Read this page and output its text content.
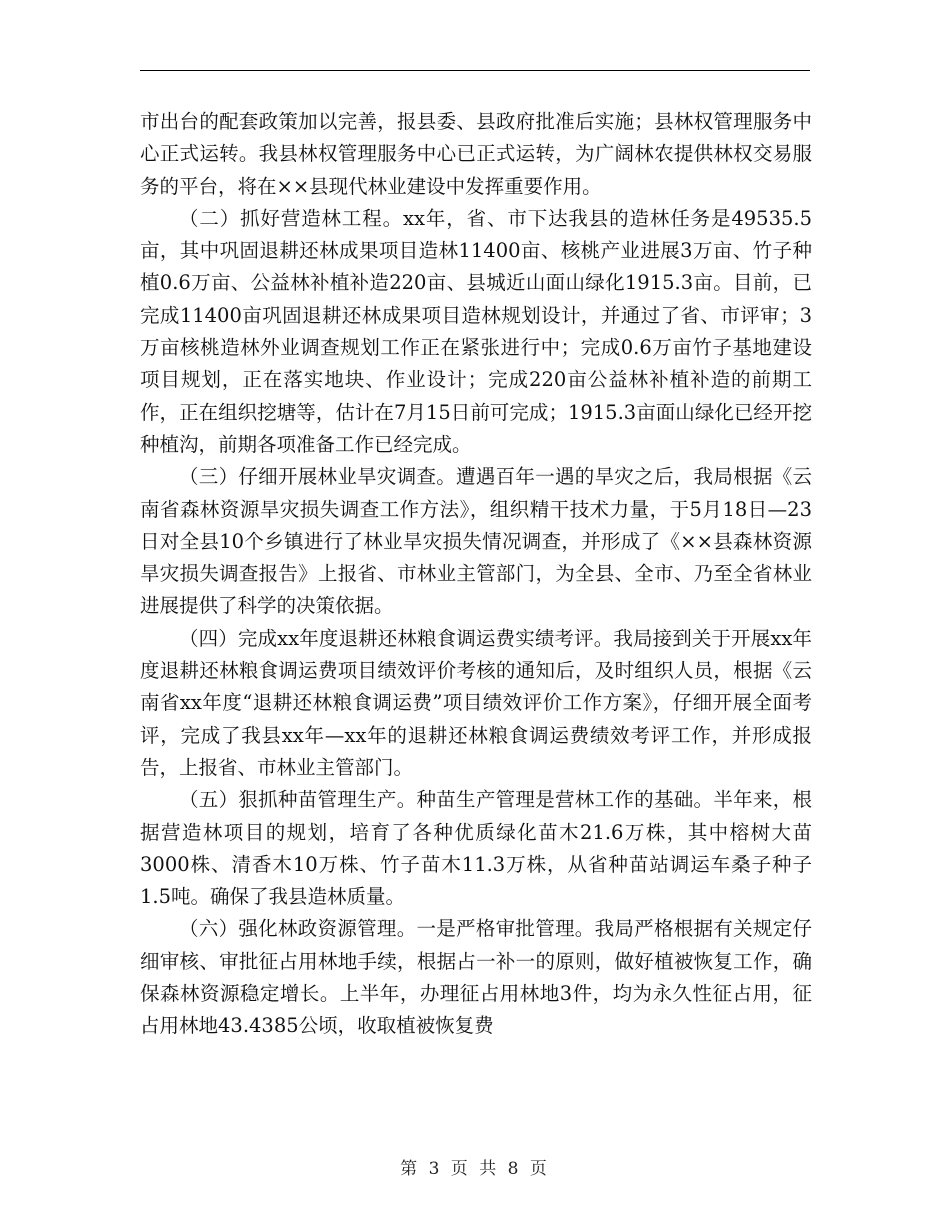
市出台的配套政策加以完善，报县委、县政府批准后实施；县林权管理服务中心正式运转。我县林权管理服务中心已正式运转，为广阔林农提供林权交易服务的平台，将在××县现代林业建设中发挥重要作用。

（二）抓好营造林工程。xx年，省、市下达我县的造林任务是49535.5亩，其中巩固退耕还林成果项目造林11400亩、核桃产业进展3万亩、竹子种植0.6万亩、公益林补植补造220亩、县城近山面山绿化1915.3亩。目前，已完成11400亩巩固退耕还林成果项目造林规划设计，并通过了省、市评审；3万亩核桃造林外业调查规划工作正在紧张进行中；完成0.6万亩竹子基地建设项目规划，正在落实地块、作业设计；完成220亩公益林补植补造的前期工作，正在组织挖塘等，估计在7月15日前可完成；1915.3亩面山绿化已经开挖种植沟，前期各项准备工作已经完成。

（三）仔细开展林业旱灾调查。遭遇百年一遇的旱灾之后，我局根据《云南省森林资源旱灾损失调查工作方法》，组织精干技术力量，于5月18日—23日对全县10个乡镇进行了林业旱灾损失情况调查，并形成了《××县森林资源旱灾损失调查报告》上报省、市林业主管部门，为全县、全市、乃至全省林业进展提供了科学的决策依据。

（四）完成xx年度退耕还林粮食调运费实绩考评。我局接到关于开展xx年度退耕还林粮食调运费项目绩效评价考核的通知后，及时组织人员，根据《云南省xx年度“退耕还林粮食调运费”项目绩效评价工作方案》，仔细开展全面考评，完成了我县xx年—xx年的退耕还林粮食调运费绩效考评工作，并形成报告，上报省、市林业主管部门。

（五）狠抓种苗管理生产。种苗生产管理是营林工作的基础。半年来，根据营造林项目的规划，培育了各种优质绿化苗木21.6万株，其中榕树大苗3000株、清香木10万株、竹子苗木11.3万株，从省种苗站调运车桑子种子1.5吨。确保了我县造林质量。

（六）强化林政资源管理。一是严格审批管理。我局严格根据有关规定仔细审核、审批征占用林地手续，根据占一补一的原则，做好植被恢复工作，确保森林资源稳定增长。上半年，办理征占用林地3件，均为永久性征占用，征占用林地43.4385公顷，收取植被恢复费

第 3 页 共 8 页
